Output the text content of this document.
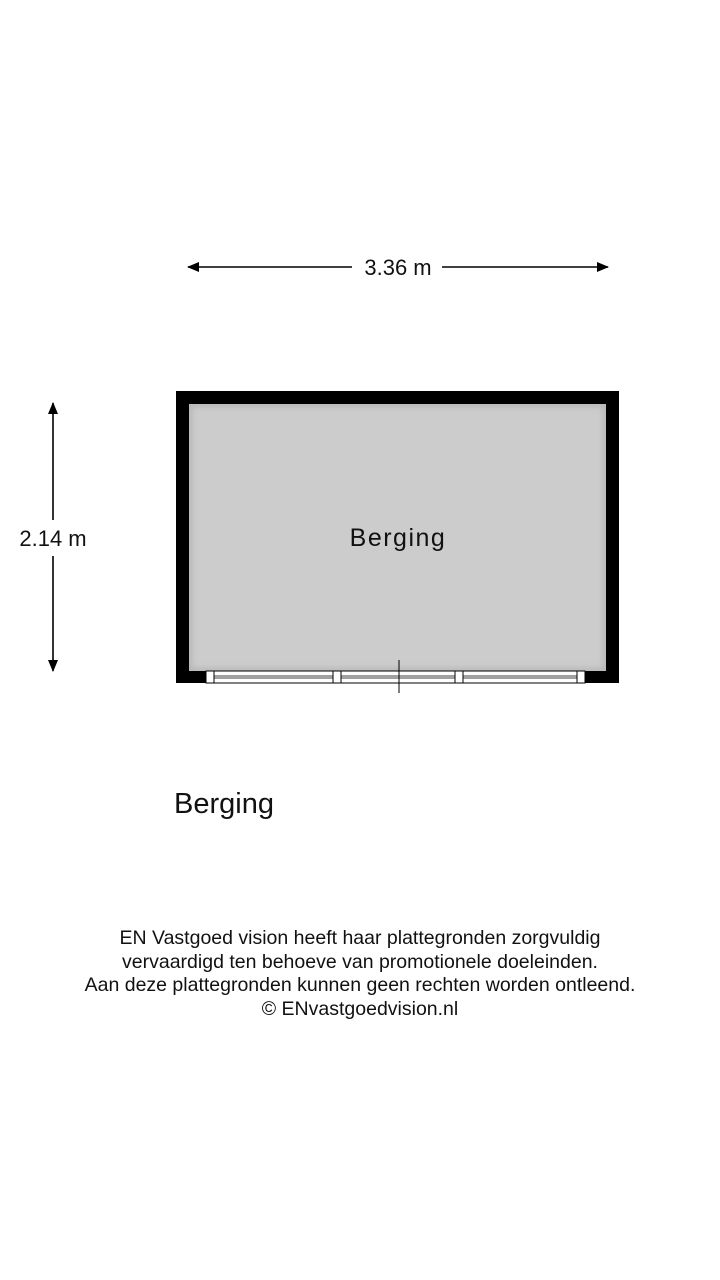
3.36 m
2.14 m	Berging
Berging
EN Vastgoed vision heeft haar plattegronden zorgvuldig
vervaardigd ten behoeve van promotionele doeleinden.
Aan deze plattegronden kunnen geen rechten worden ontleend.
© ENvastgoedvision.nl
